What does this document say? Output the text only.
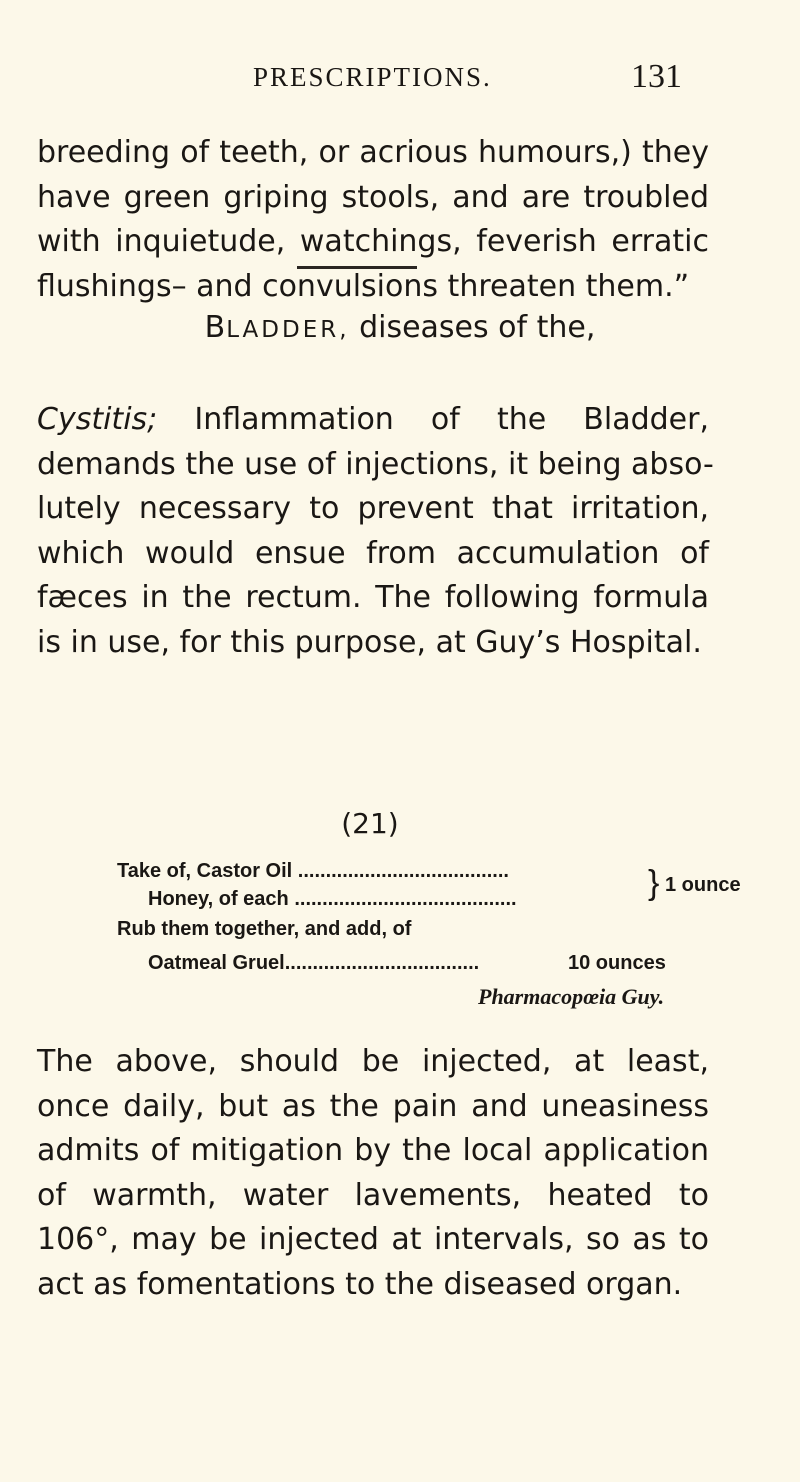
PRESCRIPTIONS.	131
breeding of teeth, or acrious humours,) they
have green griping stools, and are troubled
with inquietude, watchings, feverish erratic
flushings– and convulsions threaten them.”
BLADDER, diseases of the,
Cystitis; Inflammation of the Bladder,
demands the use of injections, it being abso-
lutely necessary to prevent that irritation,
which would ensue from accumulation of
fæces in the rectum. The following formula
is in use, for this purpose, at Guy’s Hospital.
(21)
Take of, Castor Oil ......................................
Honey, of each ........................................	} 1 ounce
Rub them together, and add, of
Oatmeal Gruel...................................	10 ounces
Pharmacopœia Guy.
The above, should be injected, at least,
once daily, but as the pain and uneasiness
admits of mitigation by the local application
of warmth, water lavements, heated to
106°, may be injected at intervals, so as to
act as fomentations to the diseased organ.
